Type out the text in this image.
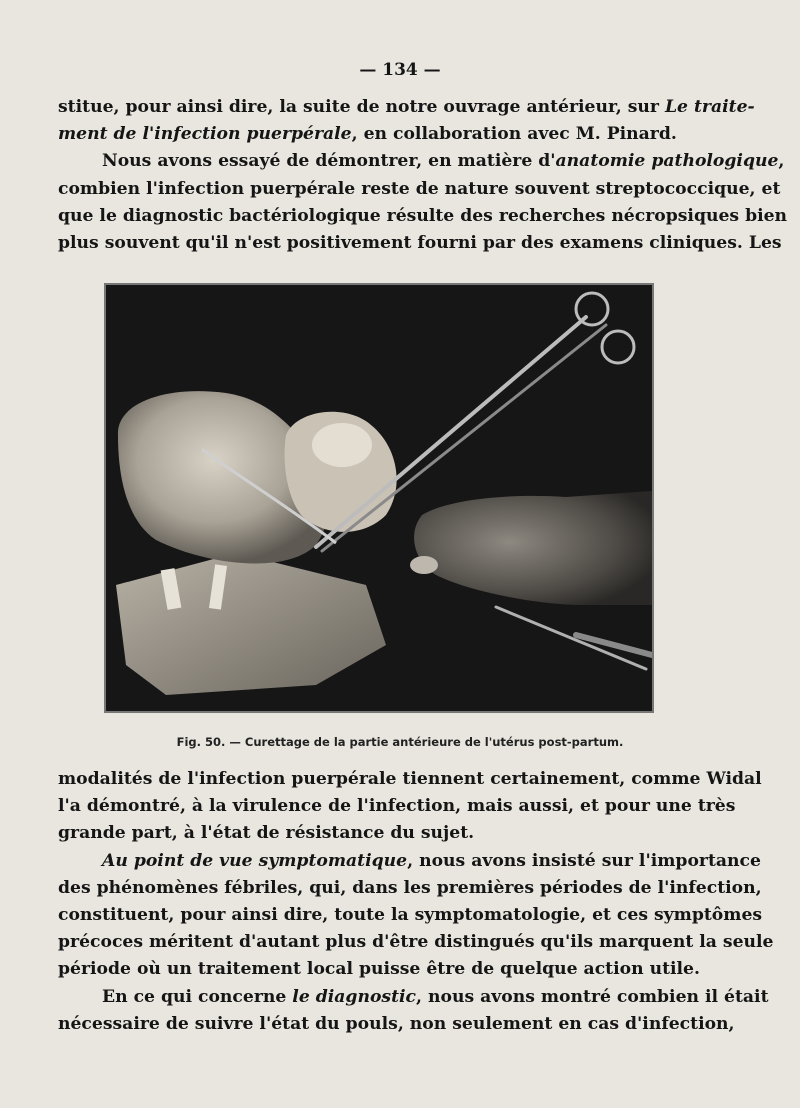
— 134 —
stitue, pour ainsi dire, la suite de notre ouvrage antérieur, sur Le traite-
ment de l'infection puerpérale, en collaboration avec M. Pinard.
Nous avons essayé de démontrer, en matière d'anatomie pathologique,
combien l'infection puerpérale reste de nature souvent streptococcique, et
que le diagnostic bactériologique résulte des recherches nécropsiques bien
plus souvent qu'il n'est positivement fourni par des examens cliniques. Les
Fig. 50. — Curettage de la partie antérieure de l'utérus post-partum.
modalités de l'infection puerpérale tiennent certainement, comme Widal
l'a démontré, à la virulence de l'infection, mais aussi, et pour une très
grande part, à l'état de résistance du sujet.
Au point de vue symptomatique, nous avons insisté sur l'importance
des phénomènes fébriles, qui, dans les premières périodes de l'infection,
constituent, pour ainsi dire, toute la symptomatologie, et ces symptômes
précoces méritent d'autant plus d'être distingués qu'ils marquent la seule
période où un traitement local puisse être de quelque action utile.
En ce qui concerne le diagnostic, nous avons montré combien il était
nécessaire de suivre l'état du pouls, non seulement en cas d'infection,
